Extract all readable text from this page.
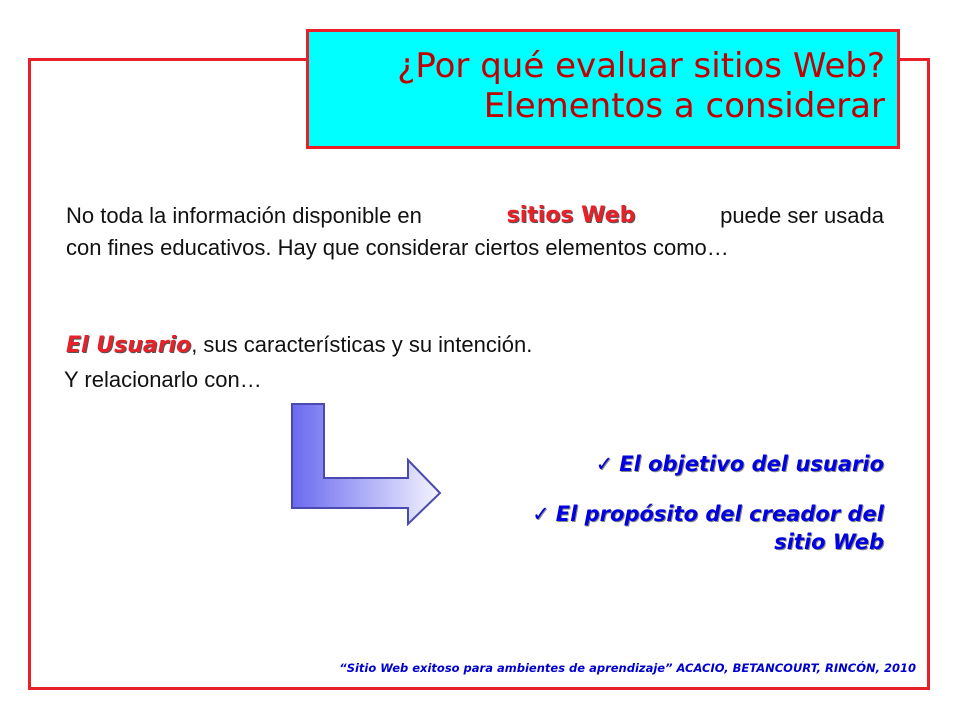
¿Por qué evaluar sitios Web?
Elementos a considerar
No toda la información disponible en	sitios Web	puede ser usada
con fines educativos. Hay que considerar ciertos elementos como…
El Usuario, sus características y su intención.
Y relacionarlo con…
✓ El objetivo del usuario
✓ El propósito del creador del
sitio Web
“Sitio Web exitoso para ambientes de aprendizaje” ACACIO, BETANCOURT, RINCÓN, 2010
